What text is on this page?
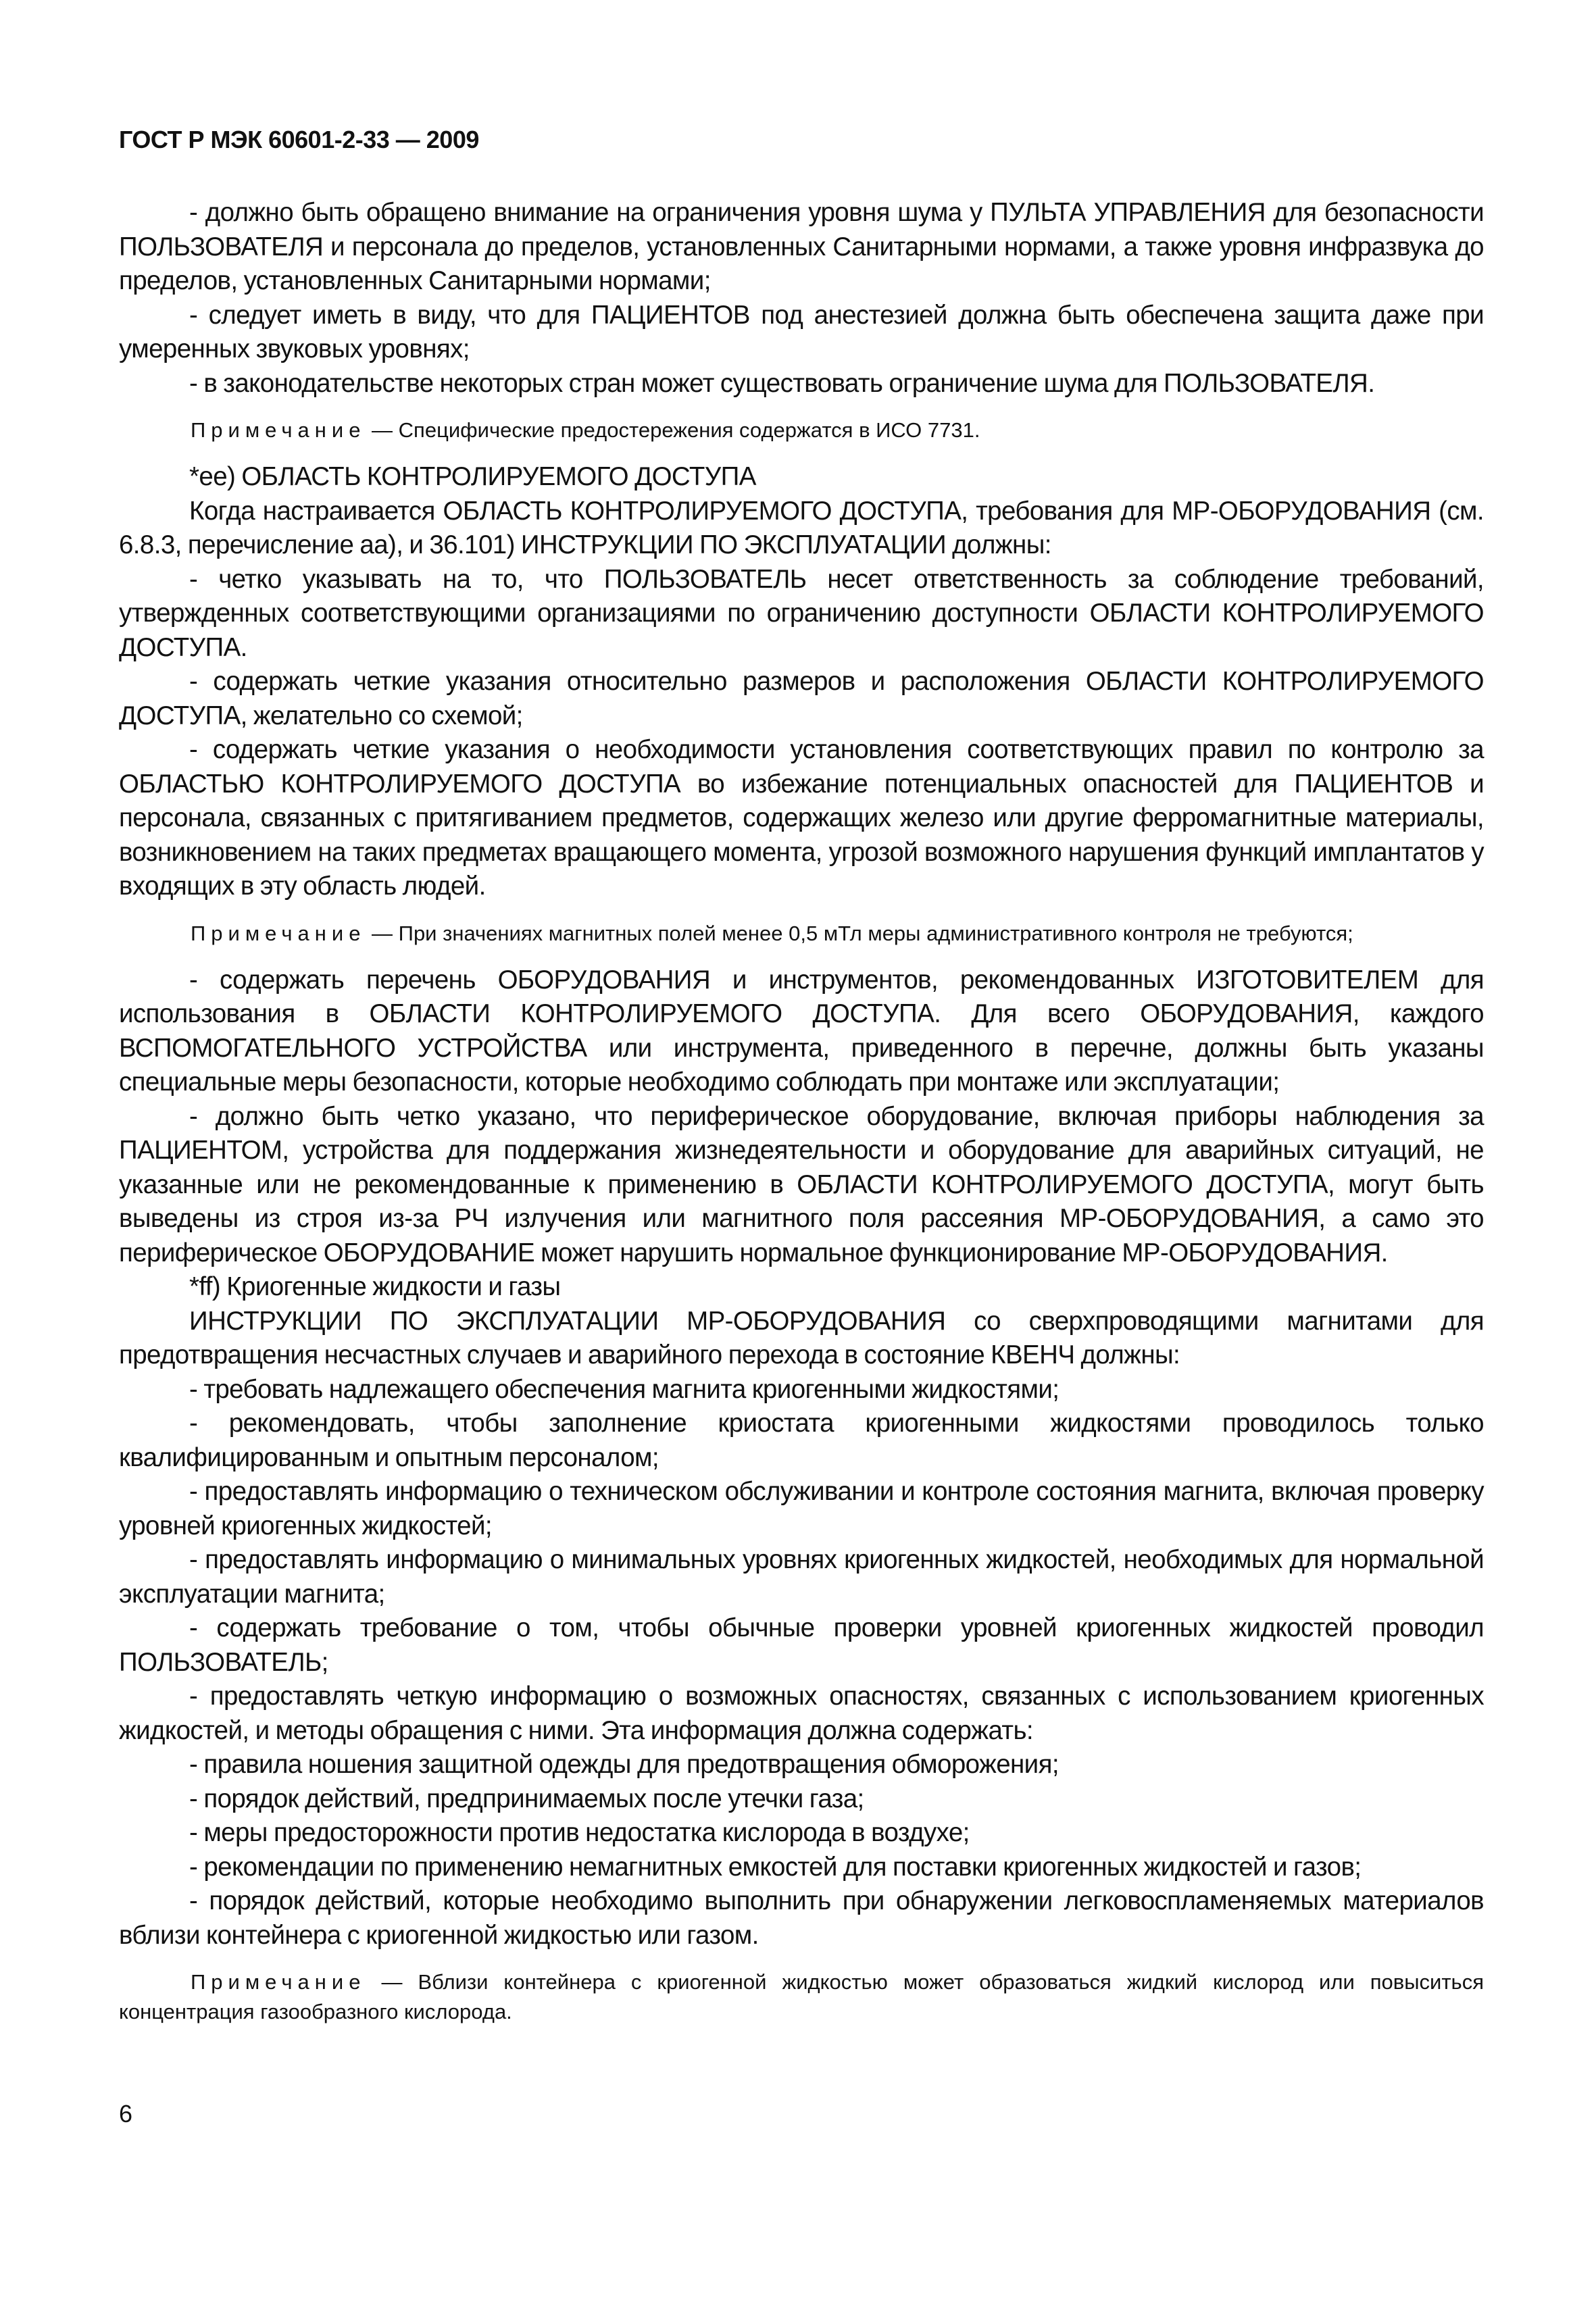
ГОСТ Р МЭК 60601-2-33 — 2009

- должно быть обращено внимание на ограничения уровня шума у ПУЛЬТА УПРАВЛЕНИЯ для безопасности ПОЛЬЗОВАТЕЛЯ и персонала до пределов, установленных Санитарными нормами, а также уровня инфразвука до пределов, установленных Санитарными нормами;

- следует иметь в виду, что для ПАЦИЕНТОВ под анестезией должна быть обеспечена защита даже при умеренных звуковых уровнях;

- в законодательстве некоторых стран может существовать ограничение шума для ПОЛЬЗОВАТЕЛЯ.

Примечание — Специфические предостережения содержатся в ИСО 7731.

*ее) ОБЛАСТЬ КОНТРОЛИРУЕМОГО ДОСТУПА

Когда настраивается ОБЛАСТЬ КОНТРОЛИРУЕМОГО ДОСТУПА, требования для МР-ОБОРУДОВАНИЯ (см. 6.8.3, перечисление аа), и 36.101) ИНСТРУКЦИИ ПО ЭКСПЛУАТАЦИИ должны:

- четко указывать на то, что ПОЛЬЗОВАТЕЛЬ несет ответственность за соблюдение требований, утвержденных соответствующими организациями по ограничению доступности ОБЛАСТИ КОНТРОЛИРУЕМОГО ДОСТУПА.

- содержать четкие указания относительно размеров и расположения ОБЛАСТИ КОНТРОЛИРУЕМОГО ДОСТУПА, желательно со схемой;

- содержать четкие указания о необходимости установления соответствующих правил по контролю за ОБЛАСТЬЮ КОНТРОЛИРУЕМОГО ДОСТУПА во избежание потенциальных опасностей для ПАЦИЕНТОВ и персонала, связанных с притягиванием предметов, содержащих железо или другие ферромагнитные материалы, возникновением на таких предметах вращающего момента, угрозой возможного нарушения функций имплантатов у входящих в эту область людей.

Примечание — При значениях магнитных полей менее 0,5 мТл меры административного контроля не требуются;

- содержать перечень ОБОРУДОВАНИЯ и инструментов, рекомендованных ИЗГОТОВИТЕЛЕМ для использования в ОБЛАСТИ КОНТРОЛИРУЕМОГО ДОСТУПА. Для всего ОБОРУДОВАНИЯ, каждого ВСПОМОГАТЕЛЬНОГО УСТРОЙСТВА или инструмента, приведенного в перечне, должны быть указаны специальные меры безопасности, которые необходимо соблюдать при монтаже или эксплуатации;

- должно быть четко указано, что периферическое оборудование, включая приборы наблюдения за ПАЦИЕНТОМ, устройства для поддержания жизнедеятельности и оборудование для аварийных ситуаций, не указанные или не рекомендованные к применению в ОБЛАСТИ КОНТРОЛИРУЕМОГО ДОСТУПА, могут быть выведены из строя из-за РЧ излучения или магнитного поля рассеяния МР-ОБОРУДОВАНИЯ, а само это периферическое ОБОРУДОВАНИЕ может нарушить нормальное функционирование МР-ОБОРУДОВАНИЯ.

*ff) Криогенные жидкости и газы

ИНСТРУКЦИИ ПО ЭКСПЛУАТАЦИИ МР-ОБОРУДОВАНИЯ со сверхпроводящими магнитами для предотвращения несчастных случаев и аварийного перехода в состояние КВЕНЧ должны:

- требовать надлежащего обеспечения магнита криогенными жидкостями;

- рекомендовать, чтобы заполнение криостата криогенными жидкостями проводилось только квалифицированным и опытным персоналом;

- предоставлять информацию о техническом обслуживании и контроле состояния магнита, включая проверку уровней криогенных жидкостей;

- предоставлять информацию о минимальных уровнях криогенных жидкостей, необходимых для нормальной эксплуатации магнита;

- содержать требование о том, чтобы обычные проверки уровней криогенных жидкостей проводил ПОЛЬЗОВАТЕЛЬ;

- предоставлять четкую информацию о возможных опасностях, связанных с использованием криогенных жидкостей, и методы обращения с ними. Эта информация должна содержать:

- правила ношения защитной одежды для предотвращения обморожения;

- порядок действий, предпринимаемых после утечки газа;

- меры предосторожности против недостатка кислорода в воздухе;

- рекомендации по применению немагнитных емкостей для поставки криогенных жидкостей и газов;

- порядок действий, которые необходимо выполнить при обнаружении легковоспламеняемых материалов вблизи контейнера с криогенной жидкостью или газом.

Примечание — Вблизи контейнера с криогенной жидкостью может образоваться жидкий кислород или повыситься концентрация газообразного кислорода.

6
